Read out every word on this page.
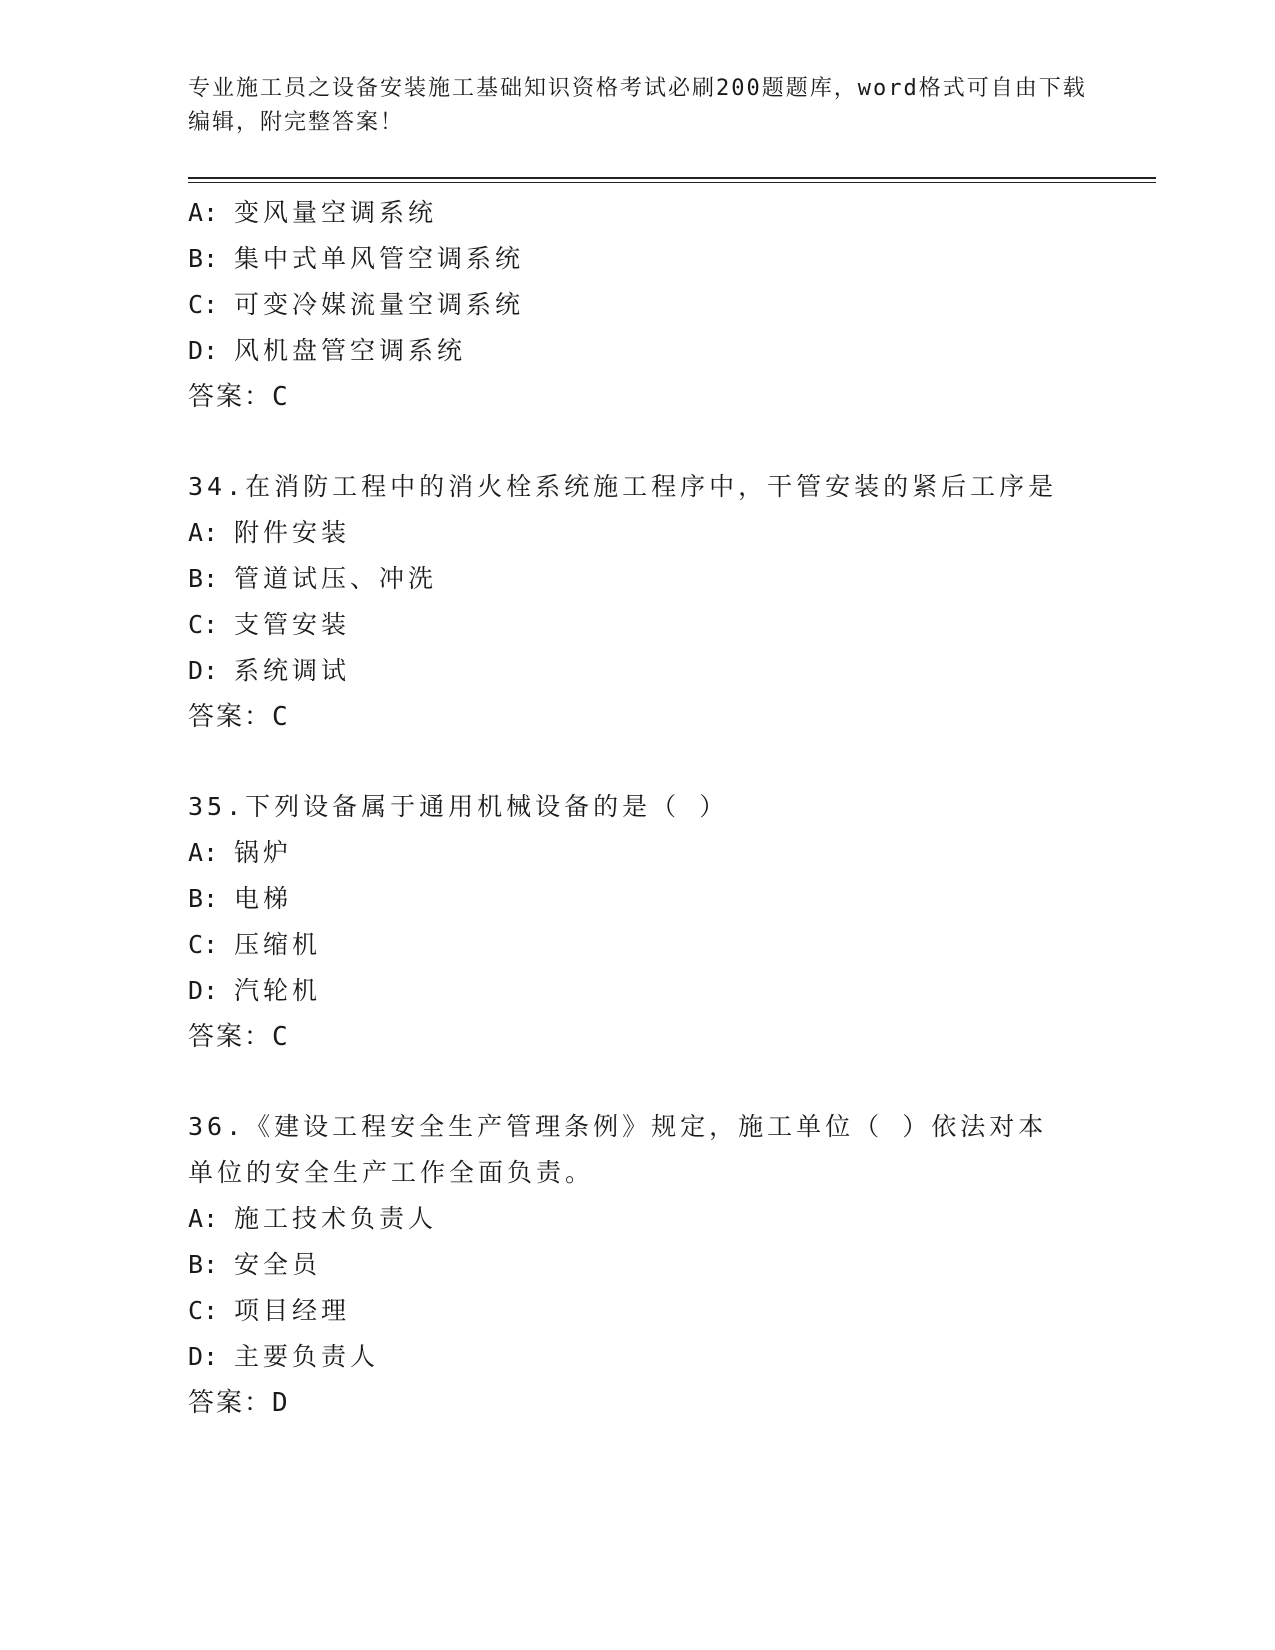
专业施工员之设备安装施工基础知识资格考试必刷200题题库，word格式可自由下载编辑，附完整答案！

A: 变风量空调系统

B: 集中式单风管空调系统

C: 可变冷媒流量空调系统

D: 风机盘管空调系统

答案：C

34.在消防工程中的消火栓系统施工程序中，干管安装的紧后工序是

A: 附件安装

B: 管道试压、冲洗

C: 支管安装

D: 系统调试

答案：C

35.下列设备属于通用机械设备的是（ ）

A: 锅炉

B: 电梯

C: 压缩机

D: 汽轮机

答案：C

36.《建设工程安全生产管理条例》规定，施工单位（ ）依法对本单位的安全生产工作全面负责。

A: 施工技术负责人

B: 安全员

C: 项目经理

D: 主要负责人

答案：D
